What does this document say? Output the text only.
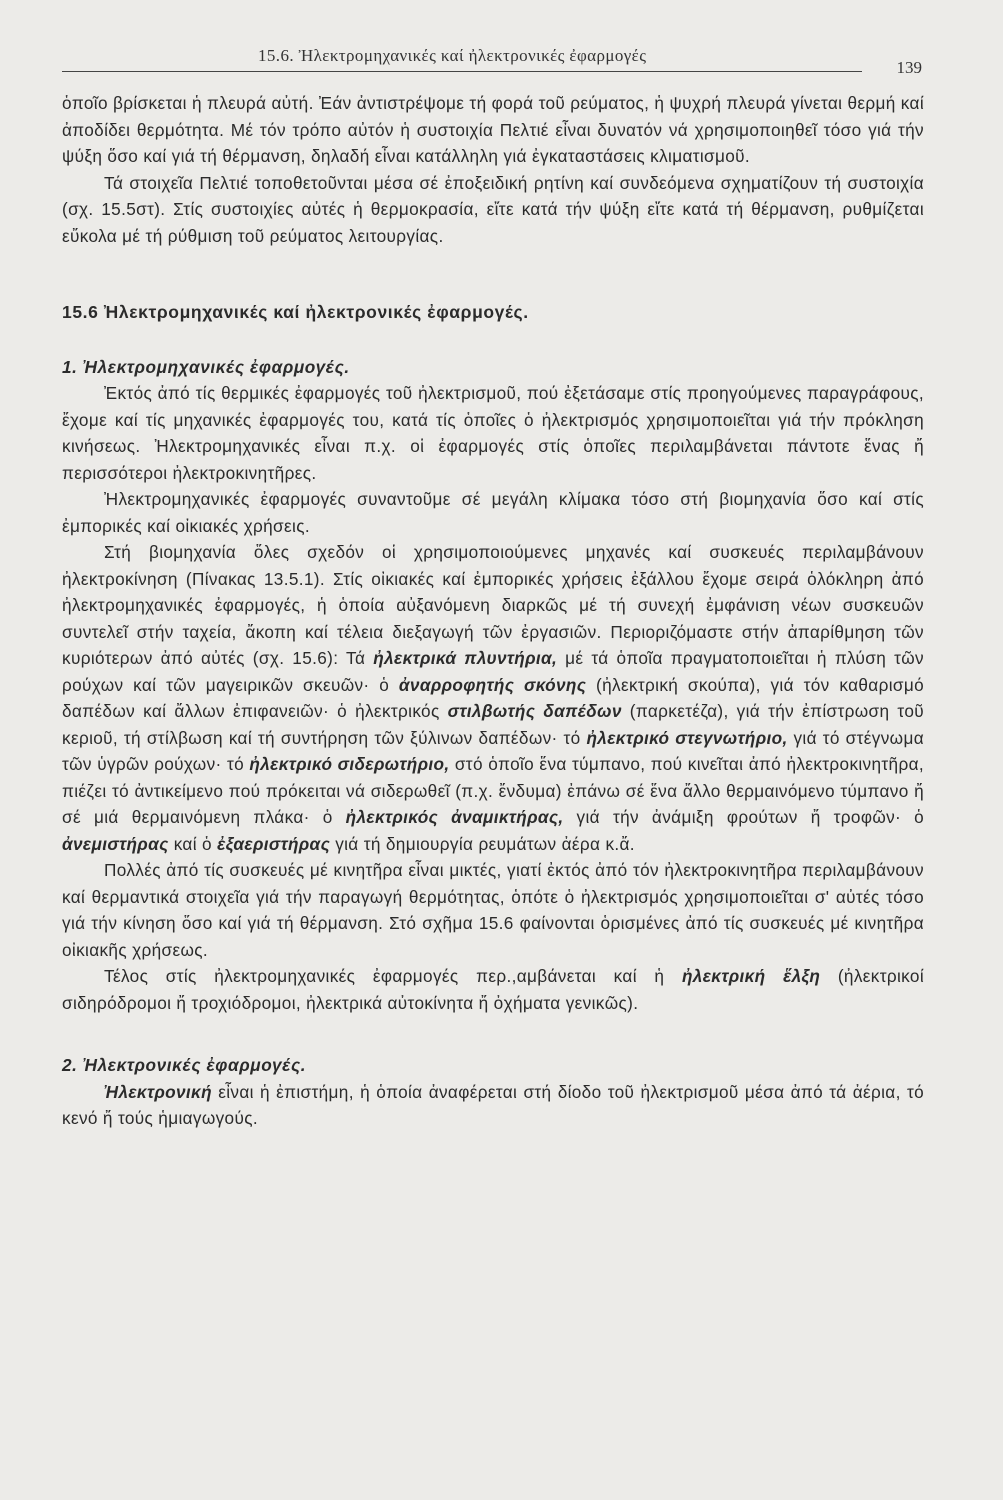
15.6. Ἠλεκτρομηχανικές καί ἠλεκτρονικές ἐφαρμογές
139

ὁποῖο βρίσκεται ἡ πλευρά αὐτή. Ἐάν ἀντιστρέψομε τή φορά τοῦ ρεύματος, ἡ ψυχρή πλευρά γίνεται θερμή καί ἀποδίδει θερμότητα. Μέ τόν τρόπο αὐτόν ἡ συστοιχία Πελτιέ εἶναι δυνατόν νά χρησιμοποιηθεῖ τόσο γιά τήν ψύξη ὅσο καί γιά τή θέρμανση, δηλαδή εἶναι κατάλληλη γιά ἐγκαταστάσεις κλιματισμοῦ.

Τά στοιχεῖα Πελτιέ τοποθετοῦνται μέσα σέ ἐποξειδική ρητίνη καί συνδεόμενα σχηματίζουν τή συστοιχία (σχ. 15.5στ). Στίς συστοιχίες αὐτές ἡ θερμοκρασία, εἴτε κατά τήν ψύξη εἴτε κατά τή θέρμανση, ρυθμίζεται εὔκολα μέ τή ρύθμιση τοῦ ρεύματος λειτουργίας.

15.6 Ἠλεκτρομηχανικές καί ἠλεκτρονικές ἐφαρμογές.

1. Ἠλεκτρομηχανικές ἐφαρμογές.

Ἐκτός ἀπό τίς θερμικές ἐφαρμογές τοῦ ἠλεκτρισμοῦ, πού ἐξετάσαμε στίς προηγούμενες παραγράφους, ἔχομε καί τίς μηχανικές ἐφαρμογές του, κατά τίς ὁποῖες ὁ ἠλεκτρισμός χρησιμοποιεῖται γιά τήν πρόκληση κινήσεως. Ἠλεκτρομηχανικές εἶναι π.χ. οἱ ἐφαρμογές στίς ὁποῖες περιλαμβάνεται πάντοτε ἕνας ἤ περισσότεροι ἠλεκτροκινητῆρες.

Ἠλεκτρομηχανικές ἐφαρμογές συναντοῦμε σέ μεγάλη κλίμακα τόσο στή βιομηχανία ὅσο καί στίς ἐμπορικές καί οἰκιακές χρήσεις.

Στή βιομηχανία ὅλες σχεδόν οἱ χρησιμοποιούμενες μηχανές καί συσκευές περιλαμβάνουν ἠλεκτροκίνηση (Πίνακας 13.5.1). Στίς οἰκιακές καί ἐμπορικές χρήσεις ἐξάλλου ἔχομε σειρά ὁλόκληρη ἀπό ἠλεκτρομηχανικές ἐφαρμογές, ἡ ὁποία αὐξανόμενη διαρκῶς μέ τή συνεχή ἐμφάνιση νέων συσκευῶν συντελεῖ στήν ταχεία, ἄκοπη καί τέλεια διεξαγωγή τῶν ἐργασιῶν. Περιοριζόμαστε στήν ἀπαρίθμηση τῶν κυριότερων ἀπό αὐτές (σχ. 15.6): Τά ἠλεκτρικά πλυντήρια, μέ τά ὁποῖα πραγματοποιεῖται ἡ πλύση τῶν ρούχων καί τῶν μαγειρικῶν σκευῶν· ὁ ἀναρροφητής σκόνης (ἠλεκτρική σκούπα), γιά τόν καθαρισμό δαπέδων καί ἄλλων ἐπιφανειῶν· ὁ ἠλεκτρικός στιλβωτής δαπέδων (παρκετέζα), γιά τήν ἐπίστρωση τοῦ κεριοῦ, τή στίλβωση καί τή συντήρηση τῶν ξύλινων δαπέδων· τό ἠλεκτρικό στεγνωτήριο, γιά τό στέγνωμα τῶν ὑγρῶν ρούχων· τό ἠλεκτρικό σιδερωτήριο, στό ὁποῖο ἕνα τύμπανο, πού κινεῖται ἀπό ἠλεκτροκινητῆρα, πιέζει τό ἀντικείμενο πού πρόκειται νά σιδερωθεῖ (π.χ. ἔνδυμα) ἐπάνω σέ ἕνα ἄλλο θερμαινόμενο τύμπανο ἤ σέ μιά θερμαινόμενη πλάκα· ὁ ἠλεκτρικός ἀναμικτήρας, γιά τήν ἀνάμιξη φρούτων ἤ τροφῶν· ὁ ἀνεμιστήρας καί ὁ ἐξαεριστήρας γιά τή δημιουργία ρευμάτων ἀέρα κ.ἄ.

Πολλές ἀπό τίς συσκευές μέ κινητῆρα εἶναι μικτές, γιατί ἐκτός ἀπό τόν ἠλεκτροκινητῆρα περιλαμβάνουν καί θερμαντικά στοιχεῖα γιά τήν παραγωγή θερμότητας, ὁπότε ὁ ἠλεκτρισμός χρησιμοποιεῖται σ' αὐτές τόσο γιά τήν κίνηση ὅσο καί γιά τή θέρμανση. Στό σχῆμα 15.6 φαίνονται ὁρισμένες ἀπό τίς συσκευές μέ κινητῆρα οἰκιακῆς χρήσεως.

Τέλος στίς ἠλεκτρομηχανικές ἐφαρμογές περ.,αμβάνεται καί ἡ ἠλεκτρική ἕλξη (ἠλεκτρικοί σιδηρόδρομοι ἤ τροχιόδρομοι, ἠλεκτρικά αὐτοκίνητα ἤ ὀχήματα γενικῶς).

2. Ἠλεκτρονικές ἐφαρμογές.

Ἠλεκτρονική εἶναι ἡ ἐπιστήμη, ἡ ὁποία ἀναφέρεται στή δίοδο τοῦ ἠλεκτρισμοῦ μέσα ἀπό τά ἀέρια, τό κενό ἤ τούς ἡμιαγωγούς.
